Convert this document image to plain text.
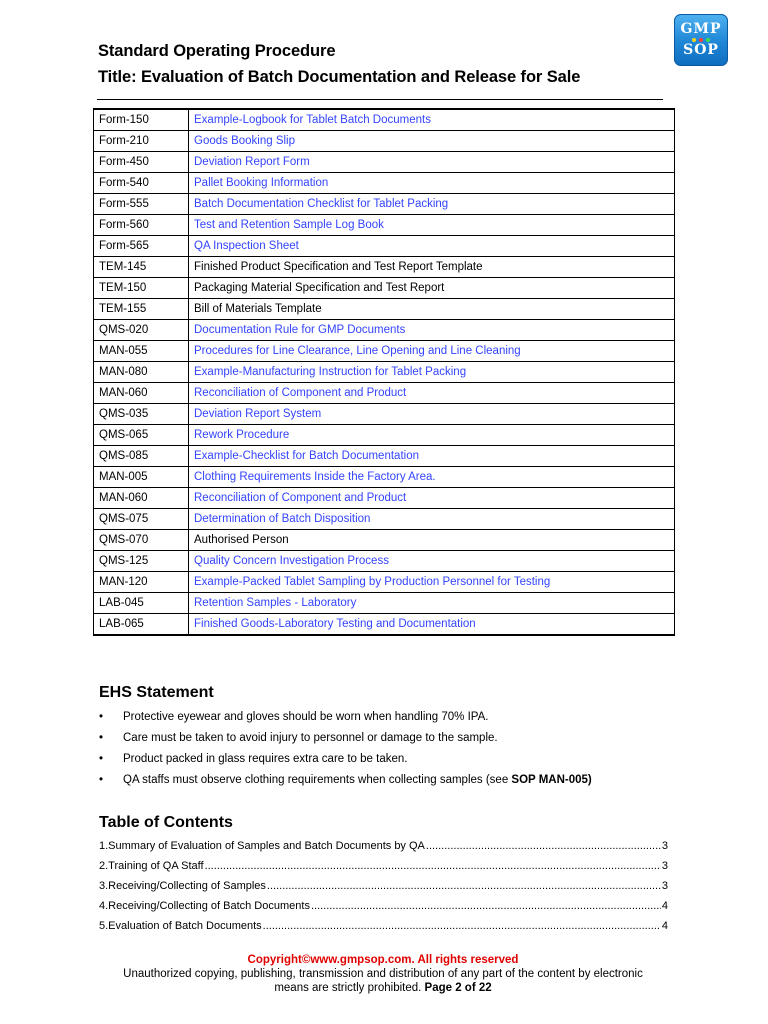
Standard Operating Procedure
Title: Evaluation of Batch Documentation and Release for Sale
GMP
SOP
Form-150	Example-Logbook for Tablet Batch Documents
Form-210	Goods Booking Slip
Form-450	Deviation Report Form
Form-540	Pallet Booking Information
Form-555	Batch Documentation Checklist for Tablet Packing
Form-560	Test and Retention Sample Log Book
Form-565	QA Inspection Sheet
TEM-145	Finished Product Specification and Test Report Template
TEM-150	Packaging Material Specification and Test Report
TEM-155	Bill of Materials Template
QMS-020	Documentation Rule for GMP Documents
MAN-055	Procedures for Line Clearance, Line Opening and Line Cleaning
MAN-080	Example-Manufacturing Instruction for Tablet Packing
MAN-060	Reconciliation of Component and Product
QMS-035	Deviation Report System
QMS-065	Rework Procedure
QMS-085	Example-Checklist for Batch Documentation
MAN-005	Clothing Requirements Inside the Factory Area.
MAN-060	Reconciliation of Component and Product
QMS-075	Determination of Batch Disposition
QMS-070	Authorised Person
QMS-125	Quality Concern Investigation Process
MAN-120	Example-Packed Tablet Sampling by Production Personnel for Testing
LAB-045	Retention Samples - Laboratory
LAB-065	Finished Goods-Laboratory Testing and Documentation
EHS Statement
• Protective eyewear and gloves should be worn when handling 70% IPA.
• Care must be taken to avoid injury to personnel or damage to the sample.
• Product packed in glass requires extra care to be taken.
• QA staffs must observe clothing requirements when collecting samples (see SOP MAN-005)
Table of Contents
1.Summary of Evaluation of Samples and Batch Documents by QA .....	3
2.Training of QA Staff .....	3
3.Receiving/Collecting of Samples .....	3
4.Receiving/Collecting of Batch Documents .....	4
5.Evaluation of Batch Documents .....	4
Copyright©www.gmpsop.com. All rights reserved
Unauthorized copying, publishing, transmission and distribution of any part of the content by electronic
means are strictly prohibited. Page 2 of 22
